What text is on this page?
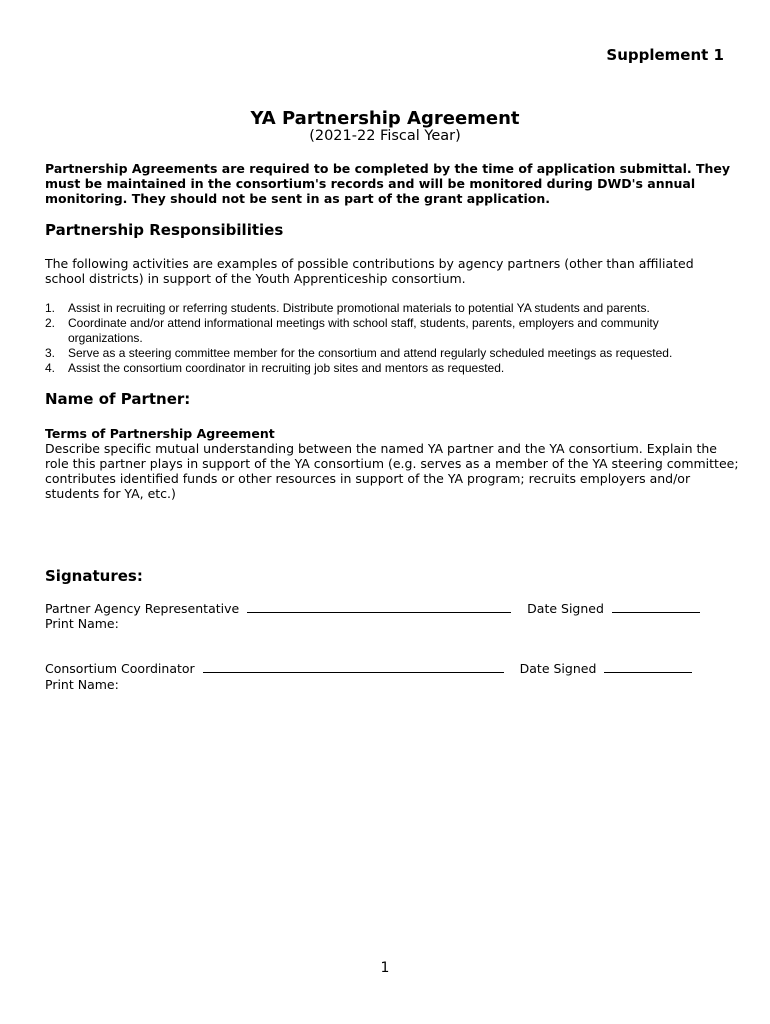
Supplement 1
YA Partnership Agreement
(2021-22 Fiscal Year)
Partnership Agreements are required to be completed by the time of application submittal. They must be maintained in the consortium's records and will be monitored during DWD's annual monitoring. They should not be sent in as part of the grant application.
Partnership Responsibilities
The following activities are examples of possible contributions by agency partners (other than affiliated school districts) in support of the Youth Apprenticeship consortium.
1. Assist in recruiting or referring students. Distribute promotional materials to potential YA students and parents.
2. Coordinate and/or attend informational meetings with school staff, students, parents, employers and community organizations.
3. Serve as a steering committee member for the consortium and attend regularly scheduled meetings as requested.
4. Assist the consortium coordinator in recruiting job sites and mentors as requested.
Name of Partner:
Terms of Partnership Agreement
Describe specific mutual understanding between the named YA partner and the YA consortium. Explain the role this partner plays in support of the YA consortium (e.g. serves as a member of the YA steering committee; contributes identified funds or other resources in support of the YA program; recruits employers and/or students for YA, etc.)
Signatures:
Partner Agency Representative	Date Signed
Print Name:
Consortium Coordinator	Date Signed
Print Name:
1
